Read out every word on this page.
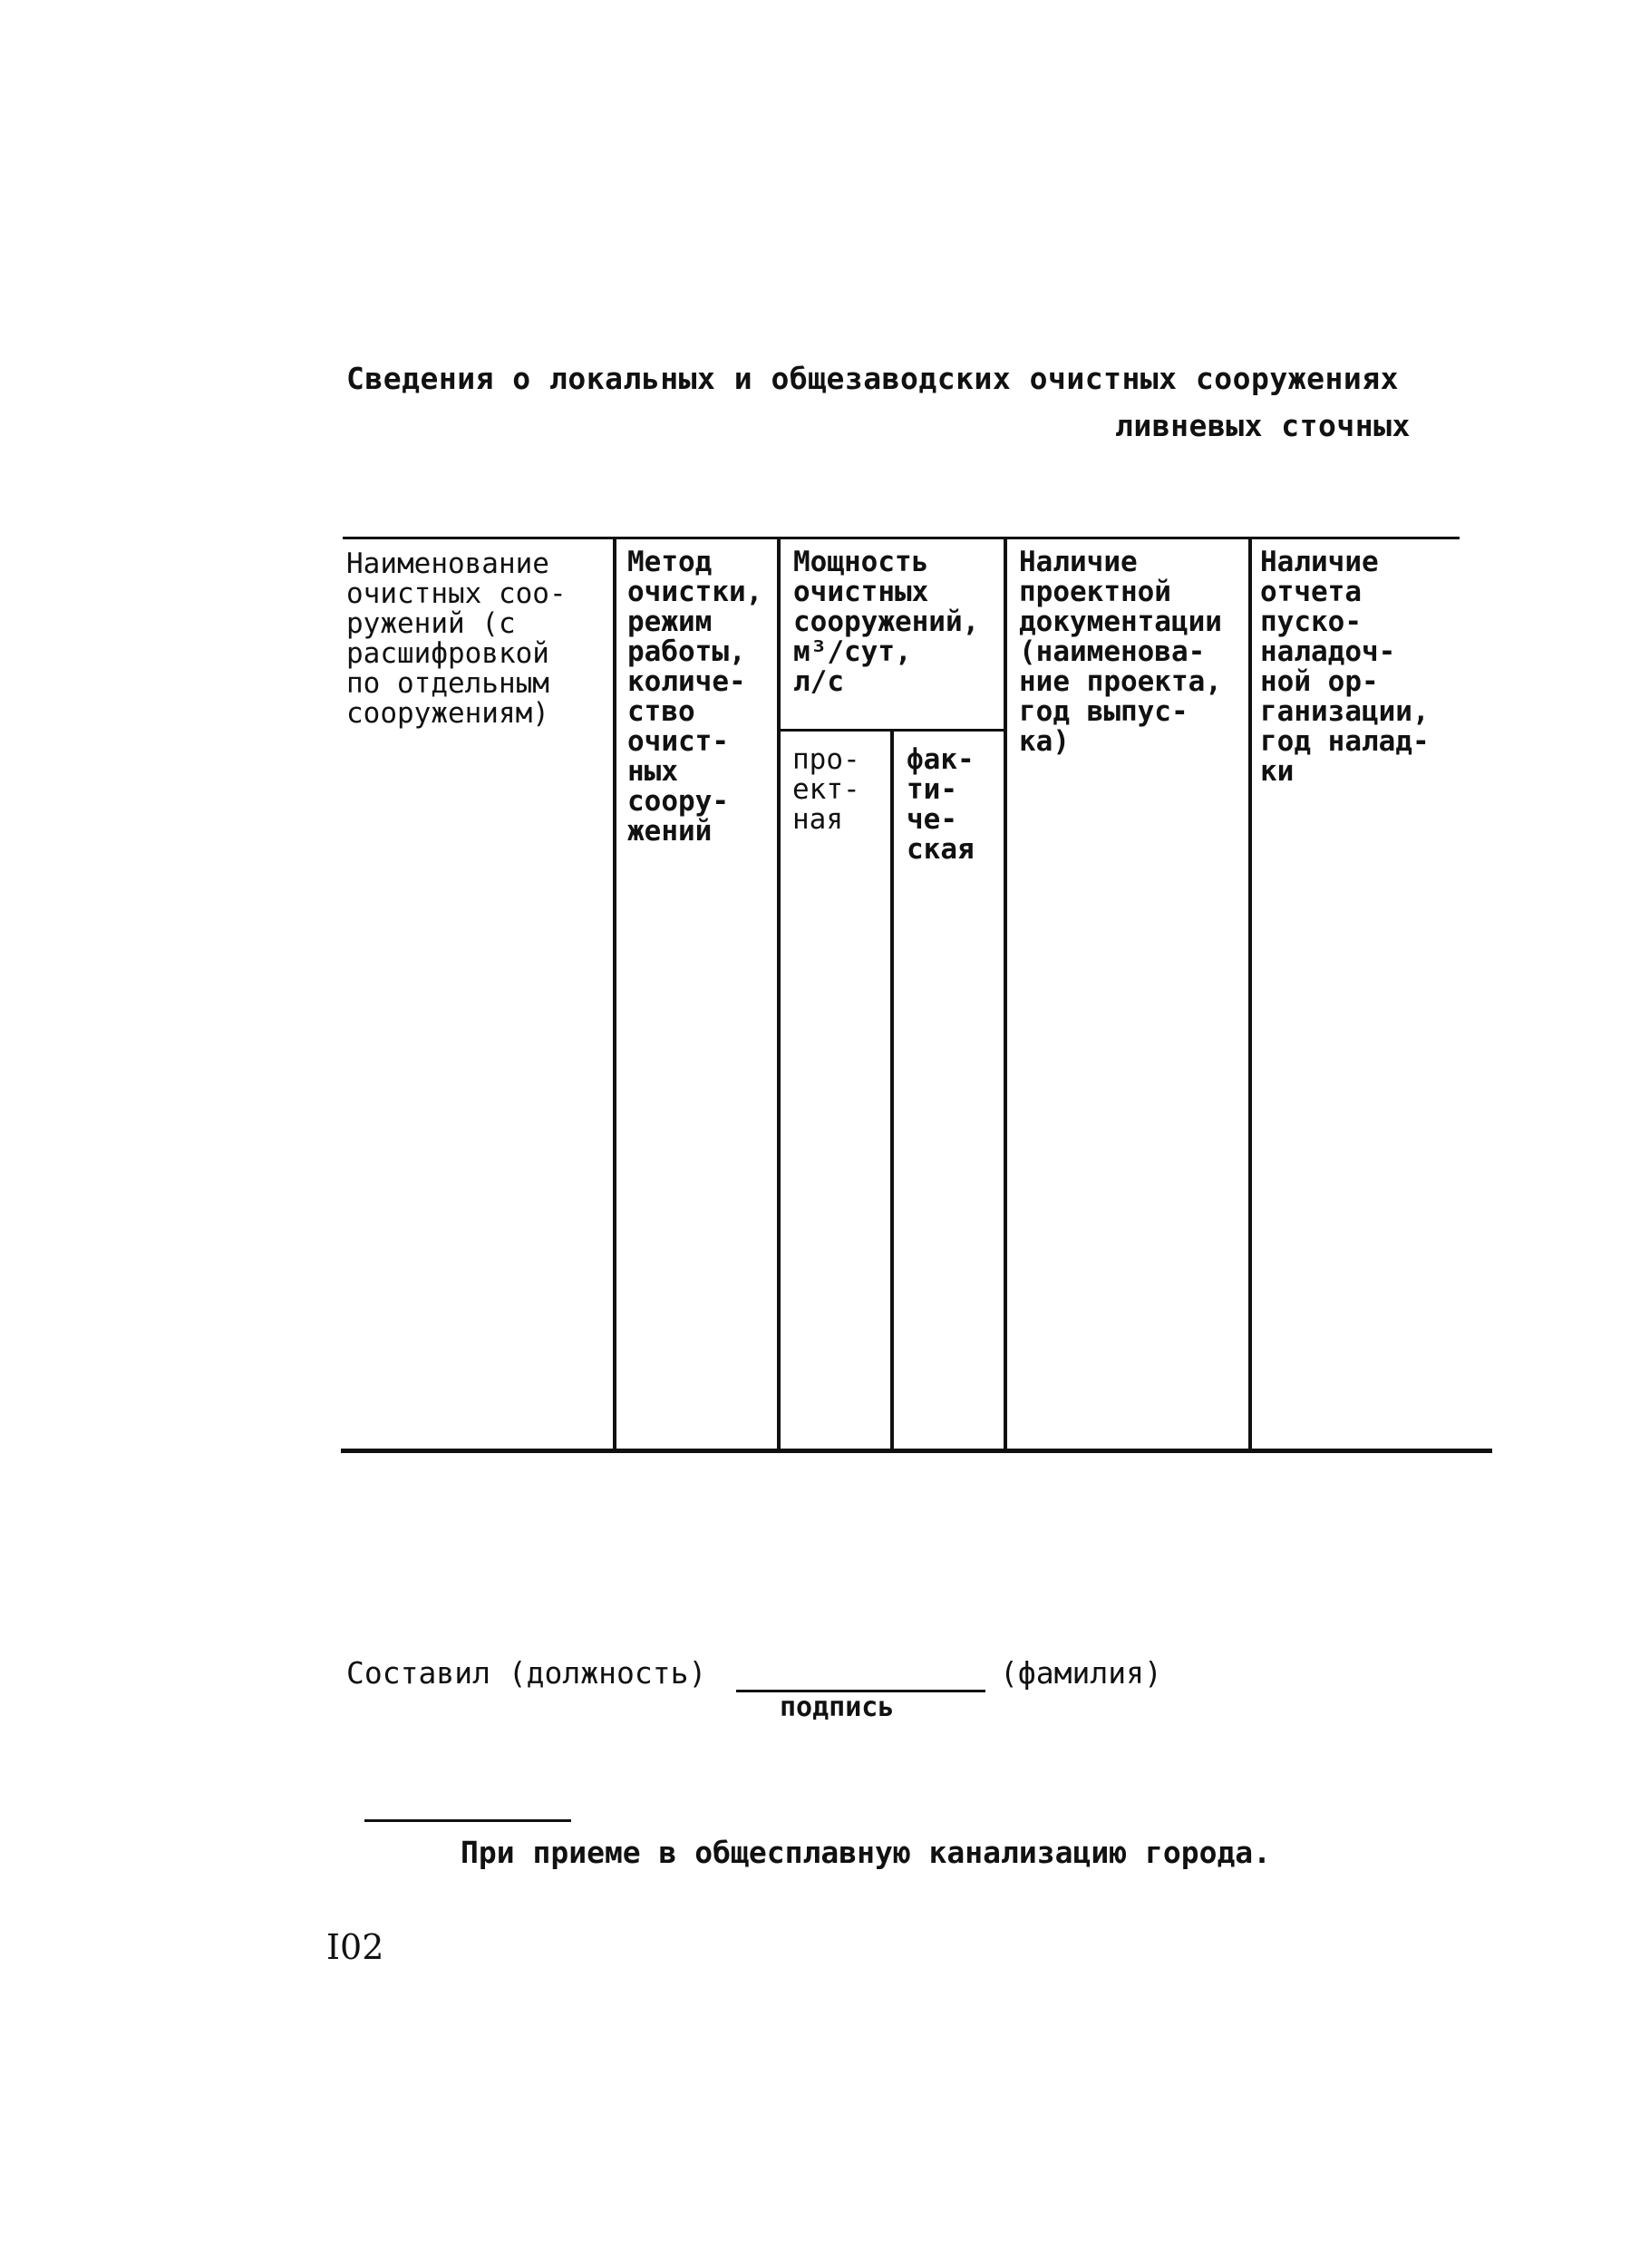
Сведения о локальных и общезаводских очистных сооружениях
ливневых сточных
Наименование
очистных соо-
ружений (с
расшифровкой
по отдельным
сооружениям)
Метод
очистки,
режим
работы,
количе-
ство
очист-
ных
соору-
жений
Мощность
очистных
сооружений,
м³/сут,
л/с
про-
ект-
ная
фак-
ти-
че-
ская
Наличие
проектной
документации
(наименова-
ние проекта,
год выпус-
ка)
Наличие
отчета
пуско-
наладоч-
ной ор-
ганизации,
год налад-
ки
Составил (должность)
подпись
(фамилия)
При приеме в общесплавную канализацию города.
I02
